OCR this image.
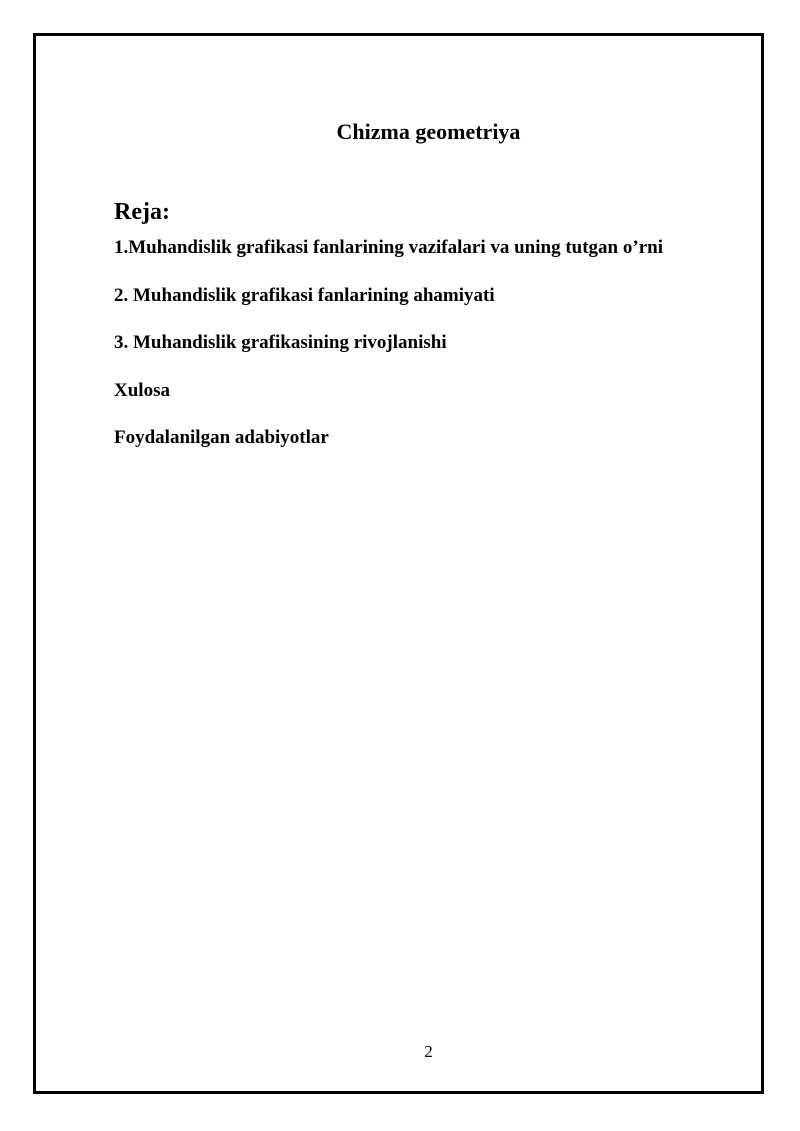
Chizma geometriya
Reja:
1.Muhandislik grafikasi fanlarining vazifalari va uning tutgan o’rni
2. Muhandislik grafikasi fanlarining ahamiyati
3. Muhandislik grafikasining rivojlanishi
Xulosa
Foydalanilgan adabiyotlar

2
